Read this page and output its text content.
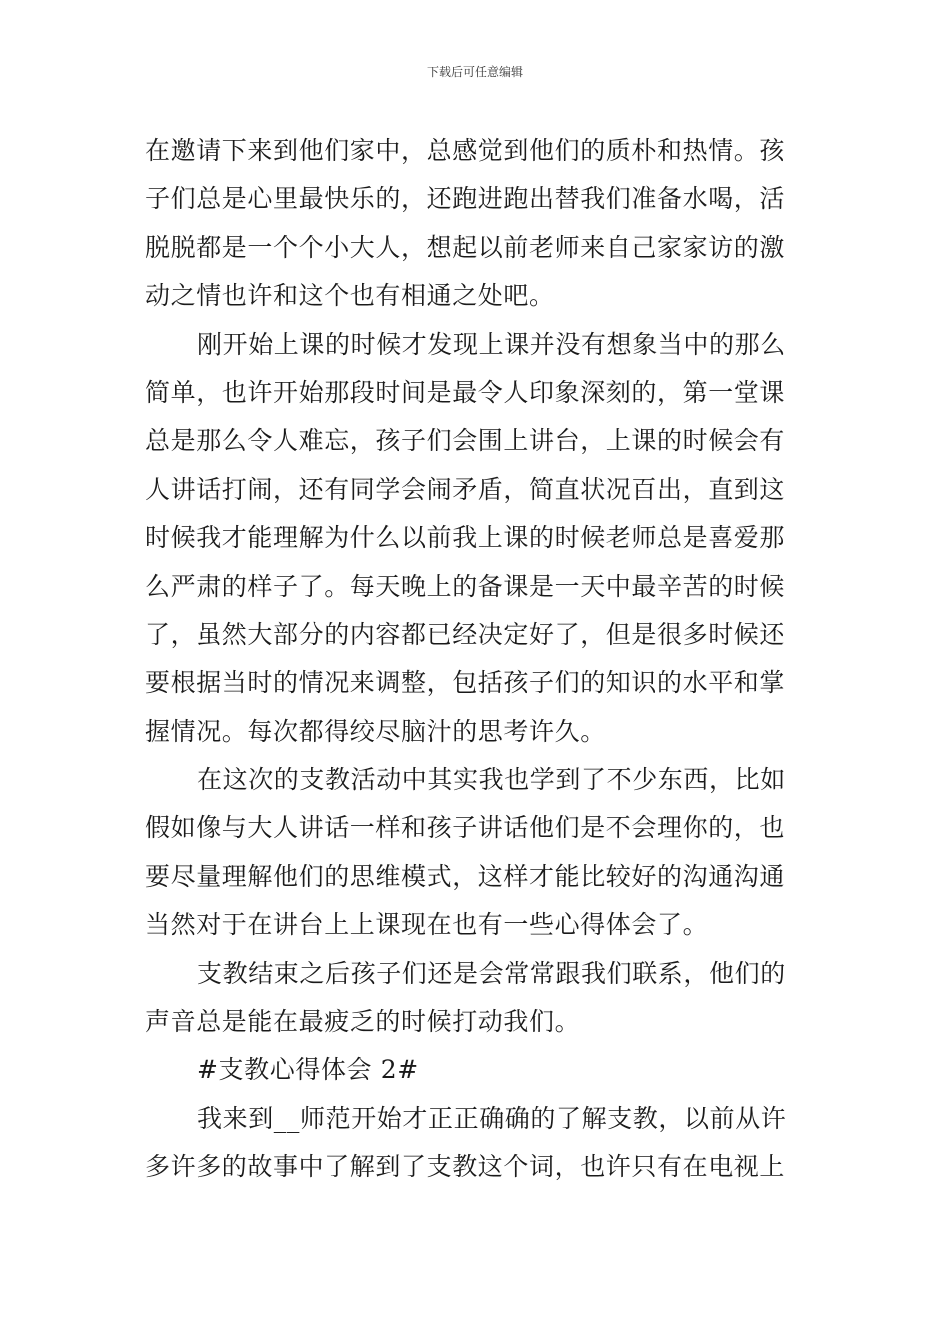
下载后可任意编辑
在邀请下来到他们家中，总感觉到他们的质朴和热情。孩
子们总是心里最快乐的，还跑进跑出替我们准备水喝，活
脱脱都是一个个小大人，想起以前老师来自己家家访的激
动之情也许和这个也有相通之处吧。
刚开始上课的时候才发现上课并没有想象当中的那么
简单，也许开始那段时间是最令人印象深刻的，第一堂课
总是那么令人难忘，孩子们会围上讲台，上课的时候会有
人讲话打闹，还有同学会闹矛盾，简直状况百出，直到这
时候我才能理解为什么以前我上课的时候老师总是喜爱那
么严肃的样子了。每天晚上的备课是一天中最辛苦的时候
了，虽然大部分的内容都已经决定好了，但是很多时候还
要根据当时的情况来调整，包括孩子们的知识的水平和掌
握情况。每次都得绞尽脑汁的思考许久。
在这次的支教活动中其实我也学到了不少东西，比如
假如像与大人讲话一样和孩子讲话他们是不会理你的，也
要尽量理解他们的思维模式，这样才能比较好的沟通沟通
当然对于在讲台上上课现在也有一些心得体会了。
支教结束之后孩子们还是会常常跟我们联系，他们的
声音总是能在最疲乏的时候打动我们。
#支教心得体会 2#
我来到__师范开始才正正确确的了解支教，以前从许
多许多的故事中了解到了支教这个词，也许只有在电视上
